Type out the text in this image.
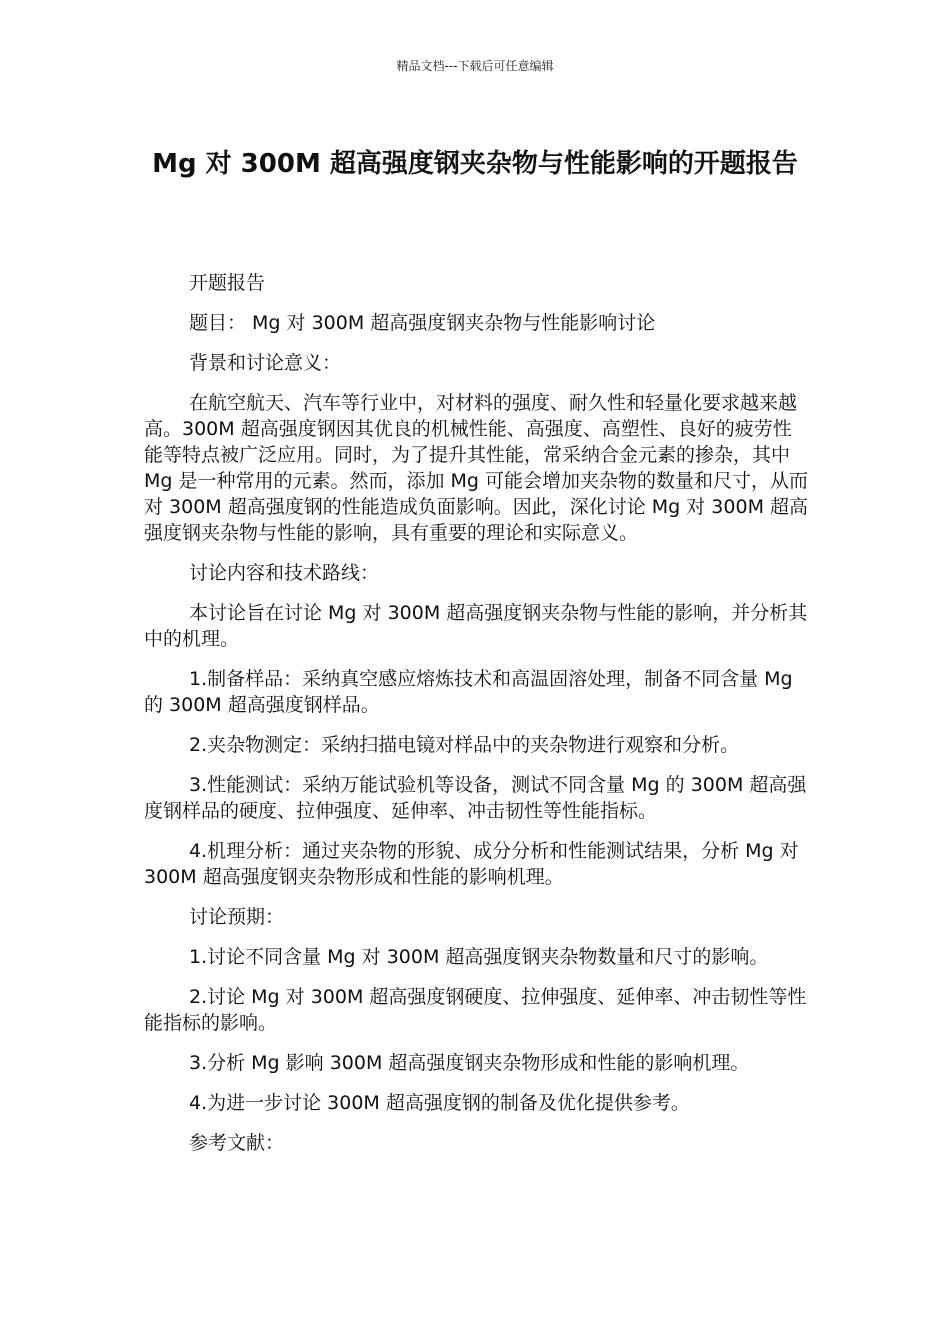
精品文档---下载后可任意编辑
Mg 对 300M 超高强度钢夹杂物与性能影响的开题报告

开题报告

题目： Mg 对 300M 超高强度钢夹杂物与性能影响讨论

背景和讨论意义：

在航空航天、汽车等行业中，对材料的强度、耐久性和轻量化要求越来越高。300M 超高强度钢因其优良的机械性能、高强度、高塑性、良好的疲劳性能等特点被广泛应用。同时，为了提升其性能，常采纳合金元素的掺杂，其中 Mg 是一种常用的元素。然而，添加 Mg 可能会增加夹杂物的数量和尺寸，从而对 300M 超高强度钢的性能造成负面影响。因此，深化讨论 Mg 对 300M 超高强度钢夹杂物与性能的影响，具有重要的理论和实际意义。

讨论内容和技术路线：

本讨论旨在讨论 Mg 对 300M 超高强度钢夹杂物与性能的影响，并分析其中的机理。

1.制备样品：采纳真空感应熔炼技术和高温固溶处理，制备不同含量 Mg 的 300M 超高强度钢样品。

2.夹杂物测定：采纳扫描电镜对样品中的夹杂物进行观察和分析。

3.性能测试：采纳万能试验机等设备，测试不同含量 Mg 的 300M 超高强度钢样品的硬度、拉伸强度、延伸率、冲击韧性等性能指标。

4.机理分析：通过夹杂物的形貌、成分分析和性能测试结果，分析 Mg 对 300M 超高强度钢夹杂物形成和性能的影响机理。

讨论预期：

1.讨论不同含量 Mg 对 300M 超高强度钢夹杂物数量和尺寸的影响。

2.讨论 Mg 对 300M 超高强度钢硬度、拉伸强度、延伸率、冲击韧性等性能指标的影响。

3.分析 Mg 影响 300M 超高强度钢夹杂物形成和性能的影响机理。

4.为进一步讨论 300M 超高强度钢的制备及优化提供参考。

参考文献：
